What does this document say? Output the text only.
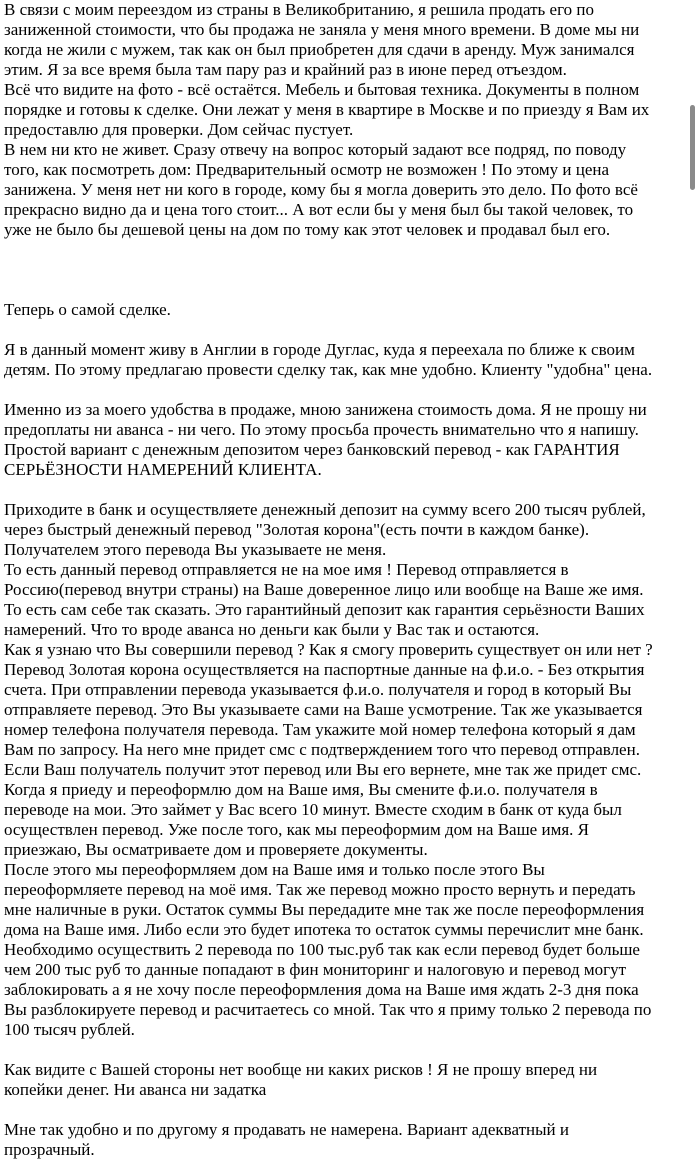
В связи с моим переездом из страны в Великобританию, я решила продать его по
заниженной стоимости, что бы продажа не заняла у меня много времени. В доме мы ни
когда не жили с мужем, так как он был приобретен для сдачи в аренду. Муж занимался
этим. Я за все время была там пару раз и крайний раз в июне перед отъездом.
Всё что видите на фото - всё остаётся. Мебель и бытовая техника. Документы в полном
порядке и готовы к сделке. Они лежат у меня в квартире в Москве и по приезду я Вам их
предоставлю для проверки. Дом сейчас пустует.
В нем ни кто не живет. Сразу отвечу на вопрос который задают все подряд, по поводу
того, как посмотреть дом: Предварительный осмотр не возможен ! По этому и цена
занижена. У меня нет ни кого в городе, кому бы я могла доверить это дело. По фото всё
прекрасно видно да и цена того стоит... А вот если бы у меня был бы такой человек, то
уже не было бы дешевой цены на дом по тому как этот человек и продавал был его.
Теперь о самой сделке.
Я в данный момент живу в Англии в городе Дуглас, куда я переехала по ближе к своим
детям. По этому предлагаю провести сделку так, как мне удобно. Клиенту "удобна" цена.
Именно из за моего удобства в продаже, мною занижена стоимость дома. Я не прошу ни
предоплаты ни аванса - ни чего. По этому просьба прочесть внимательно что я напишу.
Простой вариант с денежным депозитом через банковский перевод - как ГАРАНТИЯ
СЕРЬЁЗНОСТИ НАМЕРЕНИЙ КЛИЕНТА.
Приходите в банк и осуществляете денежный депозит на сумму всего 200 тысяч рублей,
через быстрый денежный перевод "Золотая корона"(есть почти в каждом банке).
Получателем этого перевода Вы указываете не меня.
То есть данный перевод отправляется не на мое имя ! Перевод отправляется в
Россию(перевод внутри страны) на Ваше доверенное лицо или вообще на Ваше же имя.
То есть сам себе так сказать. Это гарантийный депозит как гарантия серьёзности Ваших
намерений. Что то вроде аванса но деньги как были у Вас так и остаются.
Как я узнаю что Вы совершили перевод ? Как я смогу проверить существует он или нет ?
Перевод Золотая корона осуществляется на паспортные данные на ф.и.о. - Без открытия
счета. При отправлении перевода указывается ф.и.о. получателя и город в который Вы
отправляете перевод. Это Вы указываете сами на Ваше усмотрение. Так же указывается
номер телефона получателя перевода. Там укажите мой номер телефона который я дам
Вам по запросу. На него мне придет смс с подтверждением того что перевод отправлен.
Если Ваш получатель получит этот перевод или Вы его вернете, мне так же придет смс.
Когда я приеду и переоформлю дом на Ваше имя, Вы смените ф.и.о. получателя в
переводе на мои. Это займет у Вас всего 10 минут. Вместе сходим в банк от куда был
осуществлен перевод. Уже после того, как мы переоформим дом на Ваше имя. Я
приезжаю, Вы осматриваете дом и проверяете документы.
После этого мы переоформляем дом на Ваше имя и только после этого Вы
переоформляете перевод на моё имя. Так же перевод можно просто вернуть и передать
мне наличные в руки. Остаток суммы Вы передадите мне так же после переоформления
дома на Ваше имя. Либо если это будет ипотека то остаток суммы перечислит мне банк.
Необходимо осуществить 2 перевода по 100 тыс.руб так как если перевод будет больше
чем 200 тыс руб то данные попадают в фин мониторинг и налоговую и перевод могут
заблокировать а я не хочу после переоформления дома на Ваше имя ждать 2-3 дня пока
Вы разблокируете перевод и расчитаетесь со мной. Так что я приму только 2 перевода по
100 тысяч рублей.
Как видите с Вашей стороны нет вообще ни каких рисков ! Я не прошу вперед ни
копейки денег. Ни аванса ни задатка
Мне так удобно и по другому я продавать не намерена. Вариант адекватный и
прозрачный.
